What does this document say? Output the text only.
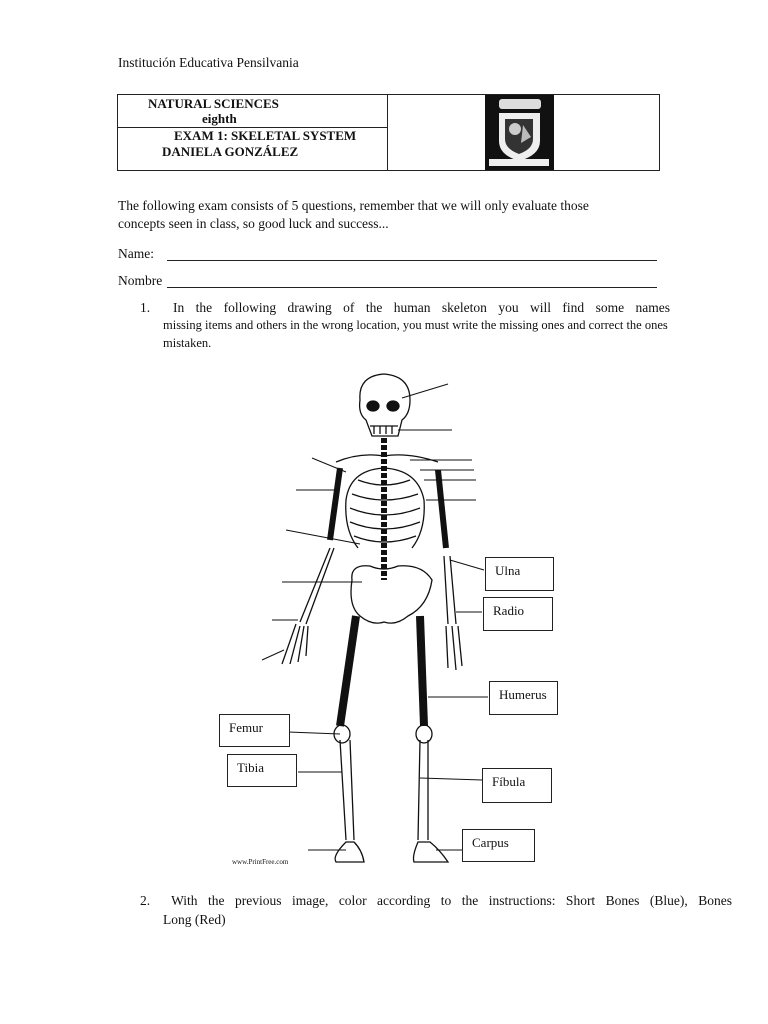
Institución Educativa Pensilvania
NATURAL SCIENCES
eighth
EXAM 1: SKELETAL SYSTEM
DANIELA GONZÁLEZ
The following exam consists of 5 questions, remember that we will only evaluate those
concepts seen in class, so good luck and success...
Name:
Nombre
1. In the following drawing of the human skeleton you will find some names
missing items and others in the wrong location, you must write the missing ones and correct the ones
mistaken.
Ulna
Radio
Humerus
Femur
Tibia
Fíbula
Carpus
www.PrintFree.com
2. With the previous image, color according to the instructions: Short Bones (Blue), Bones
Long (Red)
